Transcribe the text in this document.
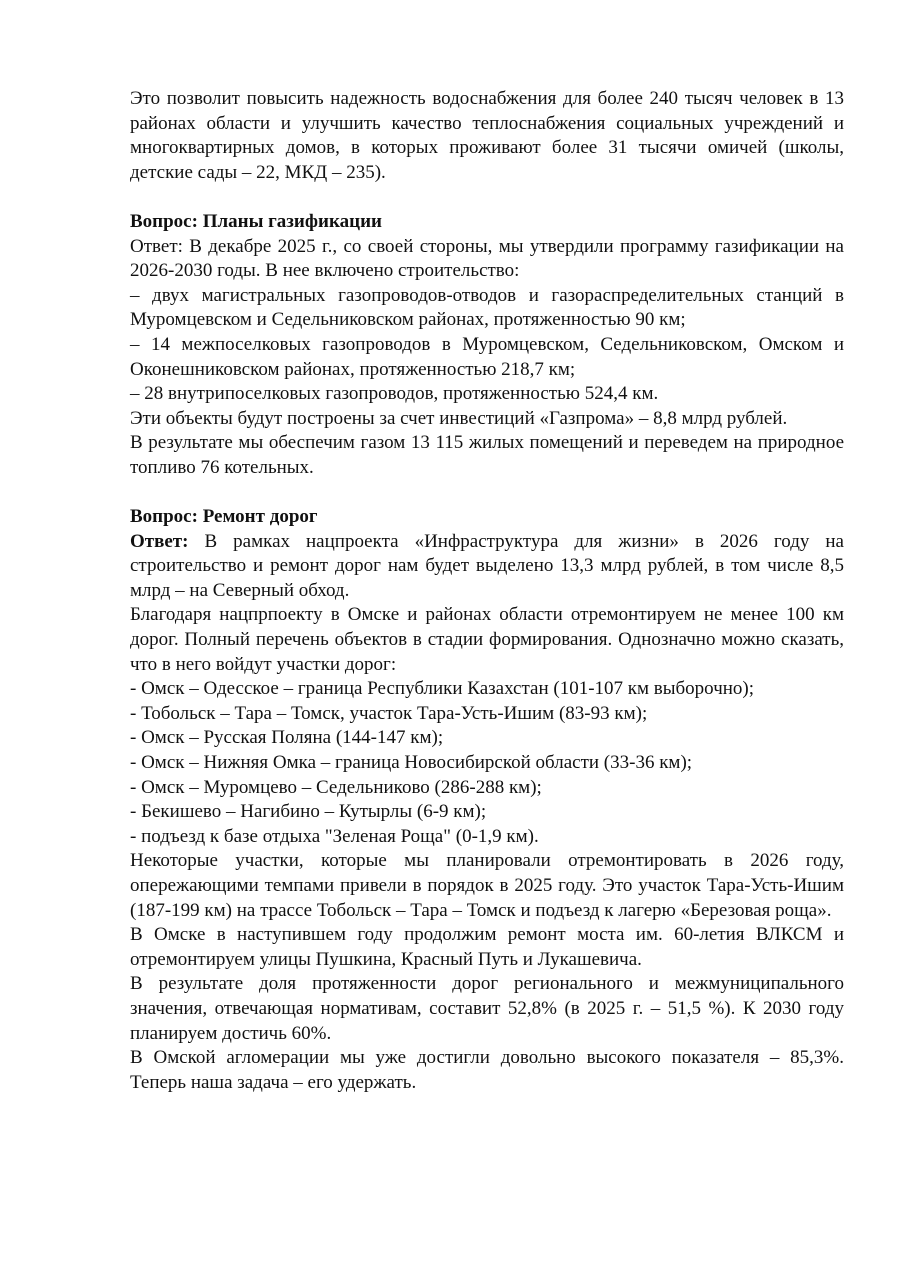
Это позволит повысить надежность водоснабжения для более 240 тысяч человек в 13 районах области и улучшить качество теплоснабжения социальных учреждений и многоквартирных домов, в которых проживают более 31 тысячи омичей (школы, детские сады – 22, МКД – 235).

Вопрос: Планы газификации

Ответ: В декабре 2025 г., со своей стороны, мы утвердили программу газификации на 2026-2030 годы. В нее включено строительство:

– двух магистральных газопроводов-отводов и газораспределительных станций в Муромцевском и Седельниковском районах, протяженностью 90 км;

– 14 межпоселковых газопроводов в Муромцевском, Седельниковском, Омском и Оконешниковском районах, протяженностью 218,7 км;

– 28 внутрипоселковых газопроводов, протяженностью 524,4 км.

Эти объекты будут построены за счет инвестиций «Газпрома» – 8,8 млрд рублей.

В результате мы обеспечим газом 13 115 жилых помещений и переведем на природное топливо 76 котельных.

Вопрос: Ремонт дорог

Ответ: В рамках нацпроекта «Инфраструктура для жизни» в 2026 году на строительство и ремонт дорог нам будет выделено 13,3 млрд рублей, в том числе 8,5 млрд – на Северный обход.

Благодаря нацпрпоекту в Омске и районах области отремонтируем не менее 100 км дорог. Полный перечень объектов в стадии формирования. Однозначно можно сказать, что в него войдут участки дорог:

- Омск – Одесское – граница Республики Казахстан (101-107 км выборочно);

- Тобольск – Тара – Томск, участок Тара-Усть-Ишим (83-93 км);

- Омск – Русская Поляна (144-147 км);

- Омск – Нижняя Омка – граница Новосибирской области (33-36 км);

- Омск – Муромцево – Седельниково (286-288 км);

- Бекишево – Нагибино – Кутырлы (6-9 км);

- подъезд к базе отдыха "Зеленая Роща" (0-1,9 км).

Некоторые участки, которые мы планировали отремонтировать в 2026 году, опережающими темпами привели в порядок в 2025 году. Это участок Тара-Усть-Ишим (187-199 км) на трассе Тобольск – Тара – Томск и подъезд к лагерю «Березовая роща».

В Омске в наступившем году продолжим ремонт моста им. 60-летия ВЛКСМ и отремонтируем улицы Пушкина, Красный Путь и Лукашевича.

В результате доля протяженности дорог регионального и межмуниципального значения, отвечающая нормативам, составит 52,8% (в 2025 г. – 51,5 %). К 2030 году планируем достичь 60%.

В Омской агломерации мы уже достигли довольно высокого показателя – 85,3%. Теперь наша задача – его удержать.
